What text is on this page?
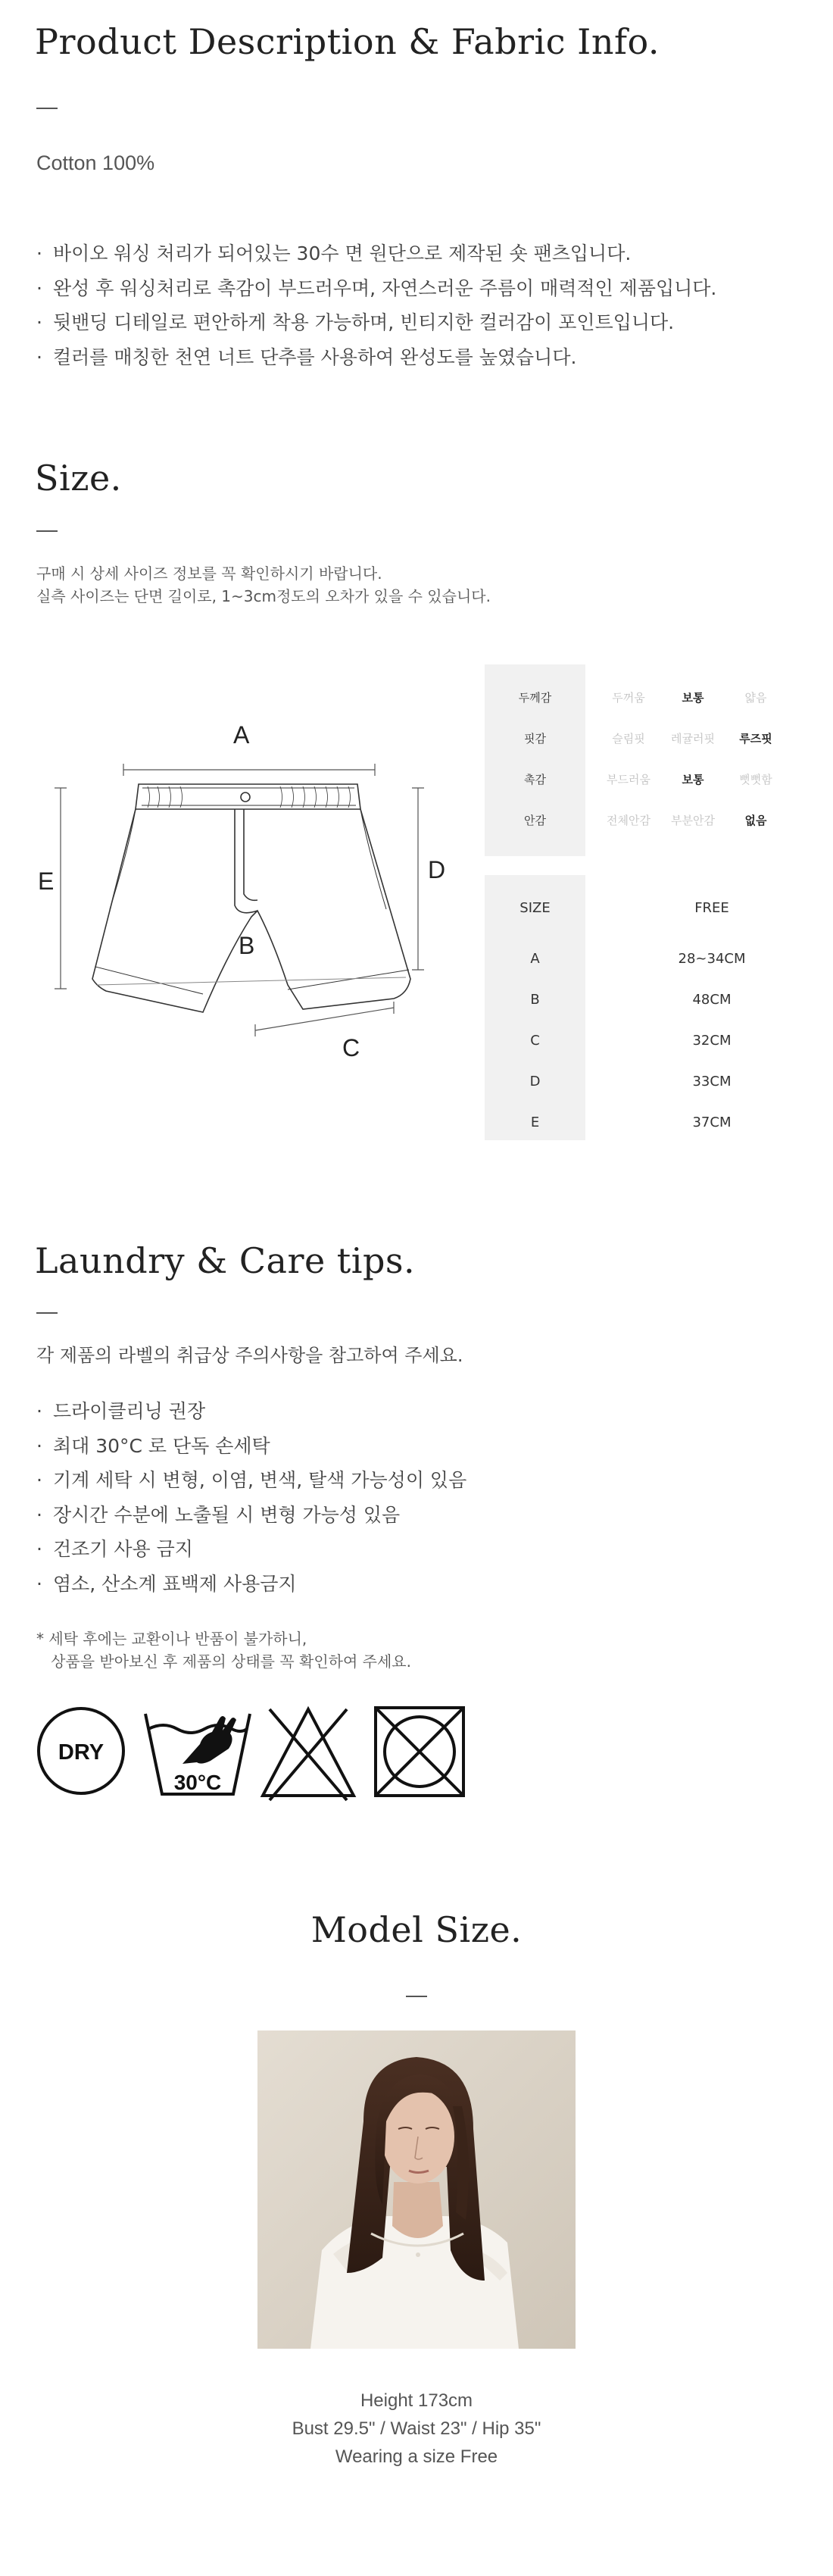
Product Description & Fabric Info.
Cotton 100%
· 바이오 워싱 처리가 되어있는 30수 면 원단으로 제작된 숏 팬츠입니다.
· 완성 후 워싱처리로 촉감이 부드러우며, 자연스러운 주름이 매력적인 제품입니다.
· 뒷밴딩 디테일로 편안하게 착용 가능하며, 빈티지한 컬러감이 포인트입니다.
· 컬러를 매칭한 천연 너트 단추를 사용하여 완성도를 높였습니다.
Size.

구매 시 상세 사이즈 정보를 꼭 확인하시기 바랍니다.

실측 사이즈는 단면 길이로, 1~3cm정도의 오차가 있을 수 있습니다.

A
B
C
D
E
두께감	두꺼움	보통	얇음
핏감	슬림핏	레귤러핏	루즈핏
촉감	부드러움	보통	뻣뻣함
안감	전체안감	부분안감	없음
SIZE	FREE
A	28~34CM
B	48CM
C	32CM
D	33CM
E	37CM
Laundry & Care tips.

각 제품의 라벨의 취급상 주의사항을 참고하여 주세요.

· 드라이클리닝 권장
· 최대 30°C 로 단독 손세탁
· 기계 세탁 시 변형, 이염, 변색, 탈색 가능성이 있음
· 장시간 수분에 노출될 시 변형 가능성 있음
· 건조기 사용 금지
· 염소, 산소계 표백제 사용금지

* 세탁 후에는 교환이나 반품이 불가하니,

상품을 받아보신 후 제품의 상태를 꼭 확인하여 주세요.

DRY
30°C
Model Size.
Height 173cm
Bust 29.5" / Waist 23" / Hip 35"
Wearing a size Free
